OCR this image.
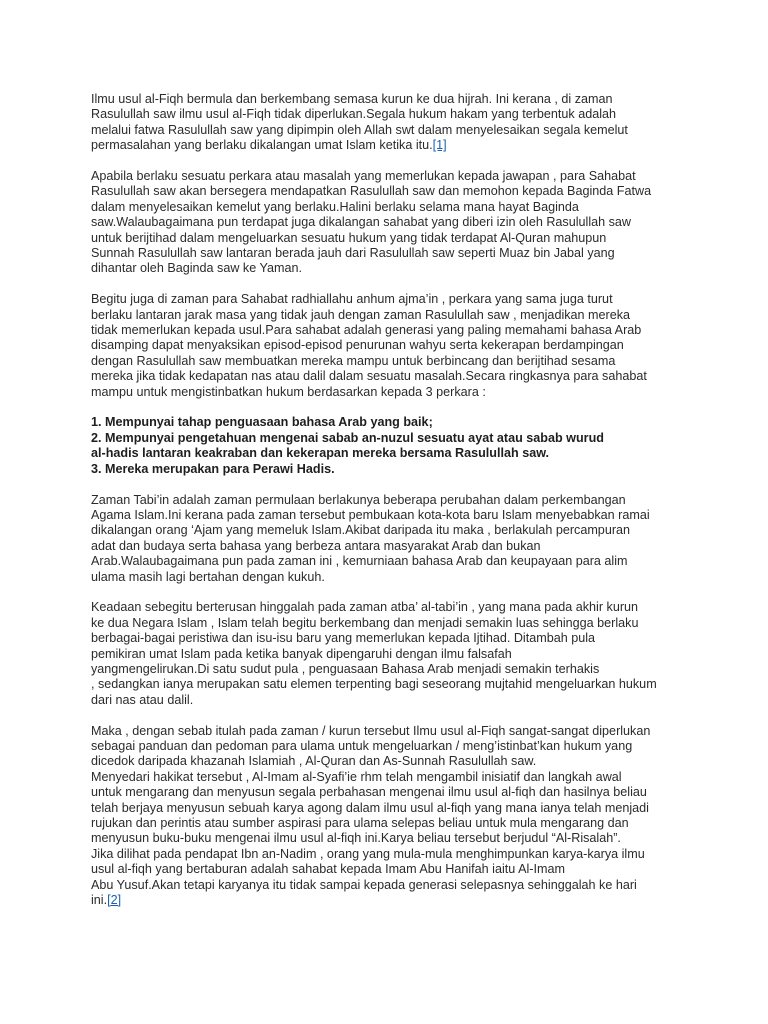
Ilmu usul al-Fiqh bermula dan berkembang semasa kurun ke dua hijrah. Ini kerana , di zaman
Rasulullah saw ilmu usul al-Fiqh tidak diperlukan.Segala hukum hakam yang terbentuk adalah
melalui fatwa Rasulullah saw yang dipimpin oleh Allah swt dalam menyelesaikan segala kemelut
permasalahan yang berlaku dikalangan umat Islam ketika itu.[1]

Apabila berlaku sesuatu perkara atau masalah yang memerlukan kepada jawapan , para Sahabat
Rasulullah saw akan bersegera mendapatkan Rasulullah saw dan memohon kepada Baginda Fatwa
dalam menyelesaikan kemelut yang berlaku.Halini berlaku selama mana hayat Baginda
saw.Walaubagaimana pun terdapat juga dikalangan sahabat yang diberi izin oleh Rasulullah saw
untuk berijtihad dalam mengeluarkan sesuatu hukum yang tidak terdapat Al-Quran mahupun
Sunnah Rasulullah saw lantaran berada jauh dari Rasulullah saw seperti Muaz bin Jabal yang
dihantar oleh Baginda saw ke Yaman.

Begitu juga di zaman para Sahabat radhiallahu anhum ajma’in , perkara yang sama juga turut
berlaku lantaran jarak masa yang tidak jauh dengan zaman Rasulullah saw , menjadikan mereka
tidak memerlukan kepada usul.Para sahabat adalah generasi yang paling memahami bahasa Arab
disamping dapat menyaksikan episod-episod penurunan wahyu serta kekerapan berdampingan
dengan Rasulullah saw membuatkan mereka mampu untuk berbincang dan berijtihad sesama
mereka jika tidak kedapatan nas atau dalil dalam sesuatu masalah.Secara ringkasnya para sahabat
mampu untuk mengistinbatkan hukum berdasarkan kepada 3 perkara :

1. Mempunyai tahap penguasaan bahasa Arab yang baik;
2. Mempunyai pengetahuan mengenai sabab an-nuzul sesuatu ayat atau sabab wurud
al-hadis lantaran keakraban dan kekerapan mereka bersama Rasulullah saw.
3. Mereka merupakan para Perawi Hadis.

Zaman Tabi’in adalah zaman permulaan berlakunya beberapa perubahan dalam perkembangan
Agama Islam.Ini kerana pada zaman tersebut pembukaan kota-kota baru Islam menyebabkan ramai
dikalangan orang ‘Ajam yang memeluk Islam.Akibat daripada itu maka , berlakulah percampuran
adat dan budaya serta bahasa yang berbeza antara masyarakat Arab dan bukan
Arab.Walaubagaimana pun pada zaman ini , kemurniaan bahasa Arab dan keupayaan para alim
ulama masih lagi bertahan dengan kukuh.

Keadaan sebegitu berterusan hinggalah pada zaman atba’ al-tabi’in , yang mana pada akhir kurun
ke dua Negara Islam , Islam telah begitu berkembang dan menjadi semakin luas sehingga berlaku
berbagai-bagai peristiwa dan isu-isu baru yang memerlukan kepada Ijtihad. Ditambah pula
pemikiran umat Islam pada ketika banyak dipengaruhi dengan ilmu falsafah
yangmengelirukan.Di satu sudut pula , penguasaan Bahasa Arab menjadi semakin terhakis
, sedangkan ianya merupakan satu elemen terpenting bagi seseorang mujtahid mengeluarkan hukum
dari nas atau dalil.

Maka , dengan sebab itulah pada zaman / kurun tersebut Ilmu usul al-Fiqh sangat-sangat diperlukan
sebagai panduan dan pedoman para ulama untuk mengeluarkan / meng’istinbat’kan hukum yang
dicedok daripada khazanah Islamiah , Al-Quran dan As-Sunnah Rasulullah saw.
Menyedari hakikat tersebut , Al-Imam al-Syafi’ie rhm telah mengambil inisiatif dan langkah awal
untuk mengarang dan menyusun segala perbahasan mengenai ilmu usul al-fiqh dan hasilnya beliau
telah berjaya menyusun sebuah karya agong dalam ilmu usul al-fiqh yang mana ianya telah menjadi
rujukan dan perintis atau sumber aspirasi para ulama selepas beliau untuk mula mengarang dan
menyusun buku-buku mengenai ilmu usul al-fiqh ini.Karya beliau tersebut berjudul “Al-Risalah”.
Jika dilihat pada pendapat Ibn an-Nadim , orang yang mula-mula menghimpunkan karya-karya ilmu
usul al-fiqh yang bertaburan adalah sahabat kepada Imam Abu Hanifah iaitu Al-Imam
Abu Yusuf.Akan tetapi karyanya itu tidak sampai kepada generasi selepasnya sehinggalah ke hari
ini.[2]
